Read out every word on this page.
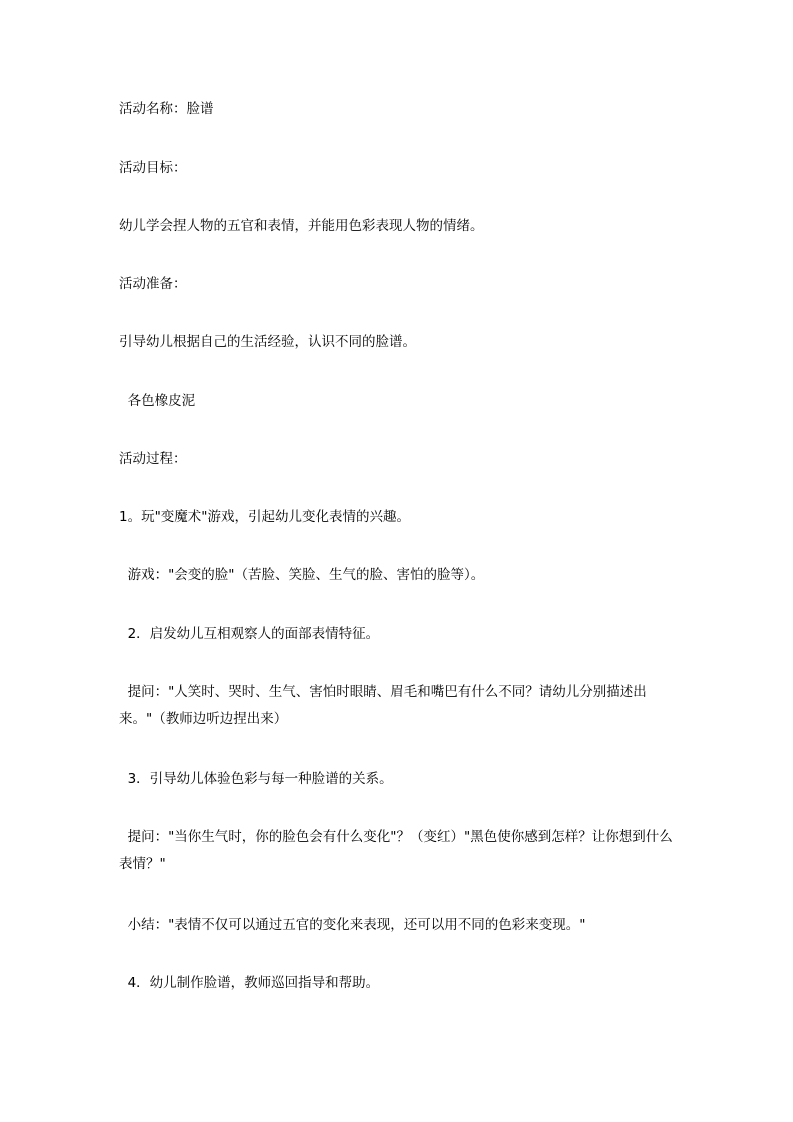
活动名称：脸谱
活动目标：
幼儿学会捏人物的五官和表情，并能用色彩表现人物的情绪。
活动准备：
引导幼儿根据自己的生活经验，认识不同的脸谱。
各色橡皮泥
活动过程：
1。玩"变魔术"游戏，引起幼儿变化表情的兴趣。
游戏："会变的脸"（苦脸、笑脸、生气的脸、害怕的脸等）。
2．启发幼儿互相观察人的面部表情特征。
提问："人笑时、哭时、生气、害怕时眼睛、眉毛和嘴巴有什么不同？请幼儿分别描述出来。"（教师边听边捏出来）
3．引导幼儿体验色彩与每一种脸谱的关系。
提问："当你生气时，你的脸色会有什么变化"？（变红）"黑色使你感到怎样？让你想到什么表情？"
小结："表情不仅可以通过五官的变化来表现，还可以用不同的色彩来变现。"
4．幼儿制作脸谱，教师巡回指导和帮助。
